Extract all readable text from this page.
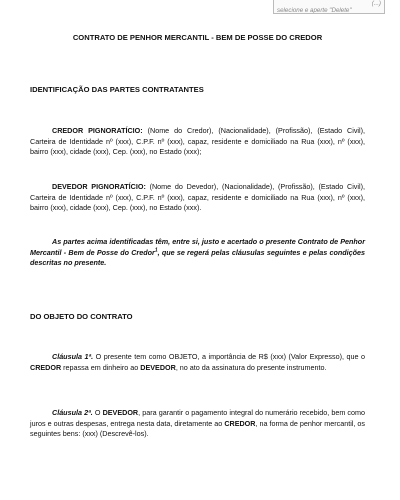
(...)
selecione e aperte "Delete"
CONTRATO DE PENHOR MERCANTIL - BEM DE POSSE DO CREDOR
IDENTIFICAÇÃO DAS PARTES CONTRATANTES

CREDOR PIGNORATÍCIO: (Nome do Credor), (Nacionalidade), (Profissão), (Estado Civil), Carteira de Identidade nº (xxx), C.P.F. nº (xxx), capaz, residente e domiciliado na Rua (xxx), nº (xxx), bairro (xxx), cidade (xxx), Cep. (xxx), no Estado (xxx);

DEVEDOR PIGNORATÍCIO: (Nome do Devedor), (Nacionalidade), (Profissão), (Estado Civil), Carteira de Identidade nº (xxx), C.P.F. nº (xxx), capaz, residente e domiciliado na Rua (xxx), nº (xxx), bairro (xxx), cidade (xxx), Cep. (xxx), no Estado (xxx).

As partes acima identificadas têm, entre si, justo e acertado o presente Contrato de Penhor Mercantil - Bem de Posse do Credor$^1$, que se regerá pelas cláusulas seguintes e pelas condições descritas no presente.

DO OBJETO DO CONTRATO

Cláusula 1ª. O presente tem como OBJETO, a importância de R$ (xxx) (Valor Expresso), que o CREDOR repassa em dinheiro ao DEVEDOR, no ato da assinatura do presente instrumento.

Cláusula 2ª. O DEVEDOR, para garantir o pagamento integral do numerário recebido, bem como juros e outras despesas, entrega nesta data, diretamente ao CREDOR, na forma de penhor mercantil, os seguintes bens: (xxx) (Descrevê-los).
